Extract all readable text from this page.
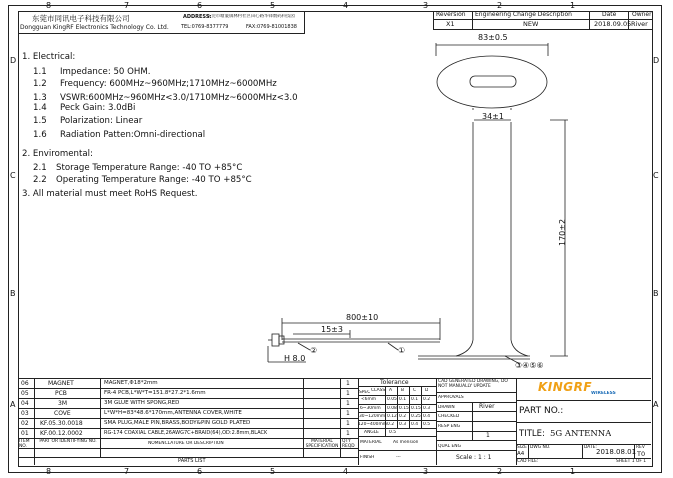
8	7	6	5	4	3	2	1
8	7	6	5	4	3	2	1
D
C
B
A
D
C
B
A
东莞市同讯电子科技有限公司
Dongguan KingRF Electronics Technology Co. Ltd.
ADDRESS:
东莞市塘厦镇林村社区田心路华锋数码科技园
TEL:0769-8377779	FAX:0769-81001838
Reversion Engineering Change Description	Date	Owner
X1	NEW	2018.09.05 River
1. Electrical:
1.1 Impedance: 50 OHM.
1.2 Frequency: 600MHz~960MHz;1710MHz~6000MHz
1.3 VSWR:600MHz~960MHz<3.0/1710MHz~6000MHz<3.0
1.4 Peck Gain: 3.0dBi
1.5 Polarization: Linear
1.6 Radiation Patten:Omni-directional
2. Enviromental:
2.1 Storage Temperature Range: -40 TO +85°C
2.2 Operating Temperature Range: -40 TO +85°C
3. All material must meet RoHS Request.
83±0.5
34±1
170±2
800±10
15±3
H 8.0
②	①
③④⑤⑥
06	MAGNET	MAGNET,Φ18*2mm	1
05	PCB	FR-4 PCB,L*W*T=151.8*27.2*1.6mm	1
04	3M	3M GLUE WITH SPONG,RED	1
03	COVE	L*W*H=83*48.6*170mm,ANTENNA COVER,WHITE	1
02 KF.05.30.0018	SMA PLUG,MALE PIN,BRASS,BODY&PIN GOLD PLATED	1
01 KF.00.12.0002	RG-174 COAXIAL CABLE,26AWG7C+BRAID(64),OD:2.8mm,BLACK	1
ITEM NO.
PART OR IDENTIFYING NO.	NOMENCLATURE OR DESCRIPTION	MATERIAL SPECIFICATION
QTY REQD
PARTS LIST
Tolerance
SPEC CLASS A B C D
<6mm 0.05 0.1 0.1 0.2
6~30mm 0.08 0.15 0.15 0.3
30~120mm 0.12 0.2 0.25 0.4
120~400mm 0.2 0.3 0.4 0.5
ANGLE 0.5
MATERIAL	As mension
FINISH	---
CAD GENERATED DRAWING, DO NOT MANUALLY UPDATE
APPROVALS
DRAWN	River
CHECKED
RESP ENG
1
QUAL ENG
Scale : 1 : 1
KINGRF
WIRELESS
PART NO.:
TITLE: 5G ANTENNA
SIZE
A4
DWG NO.	DATE:
2018.08.01
REV
T0
CAD FILE:	SHEET 1 OF 1
